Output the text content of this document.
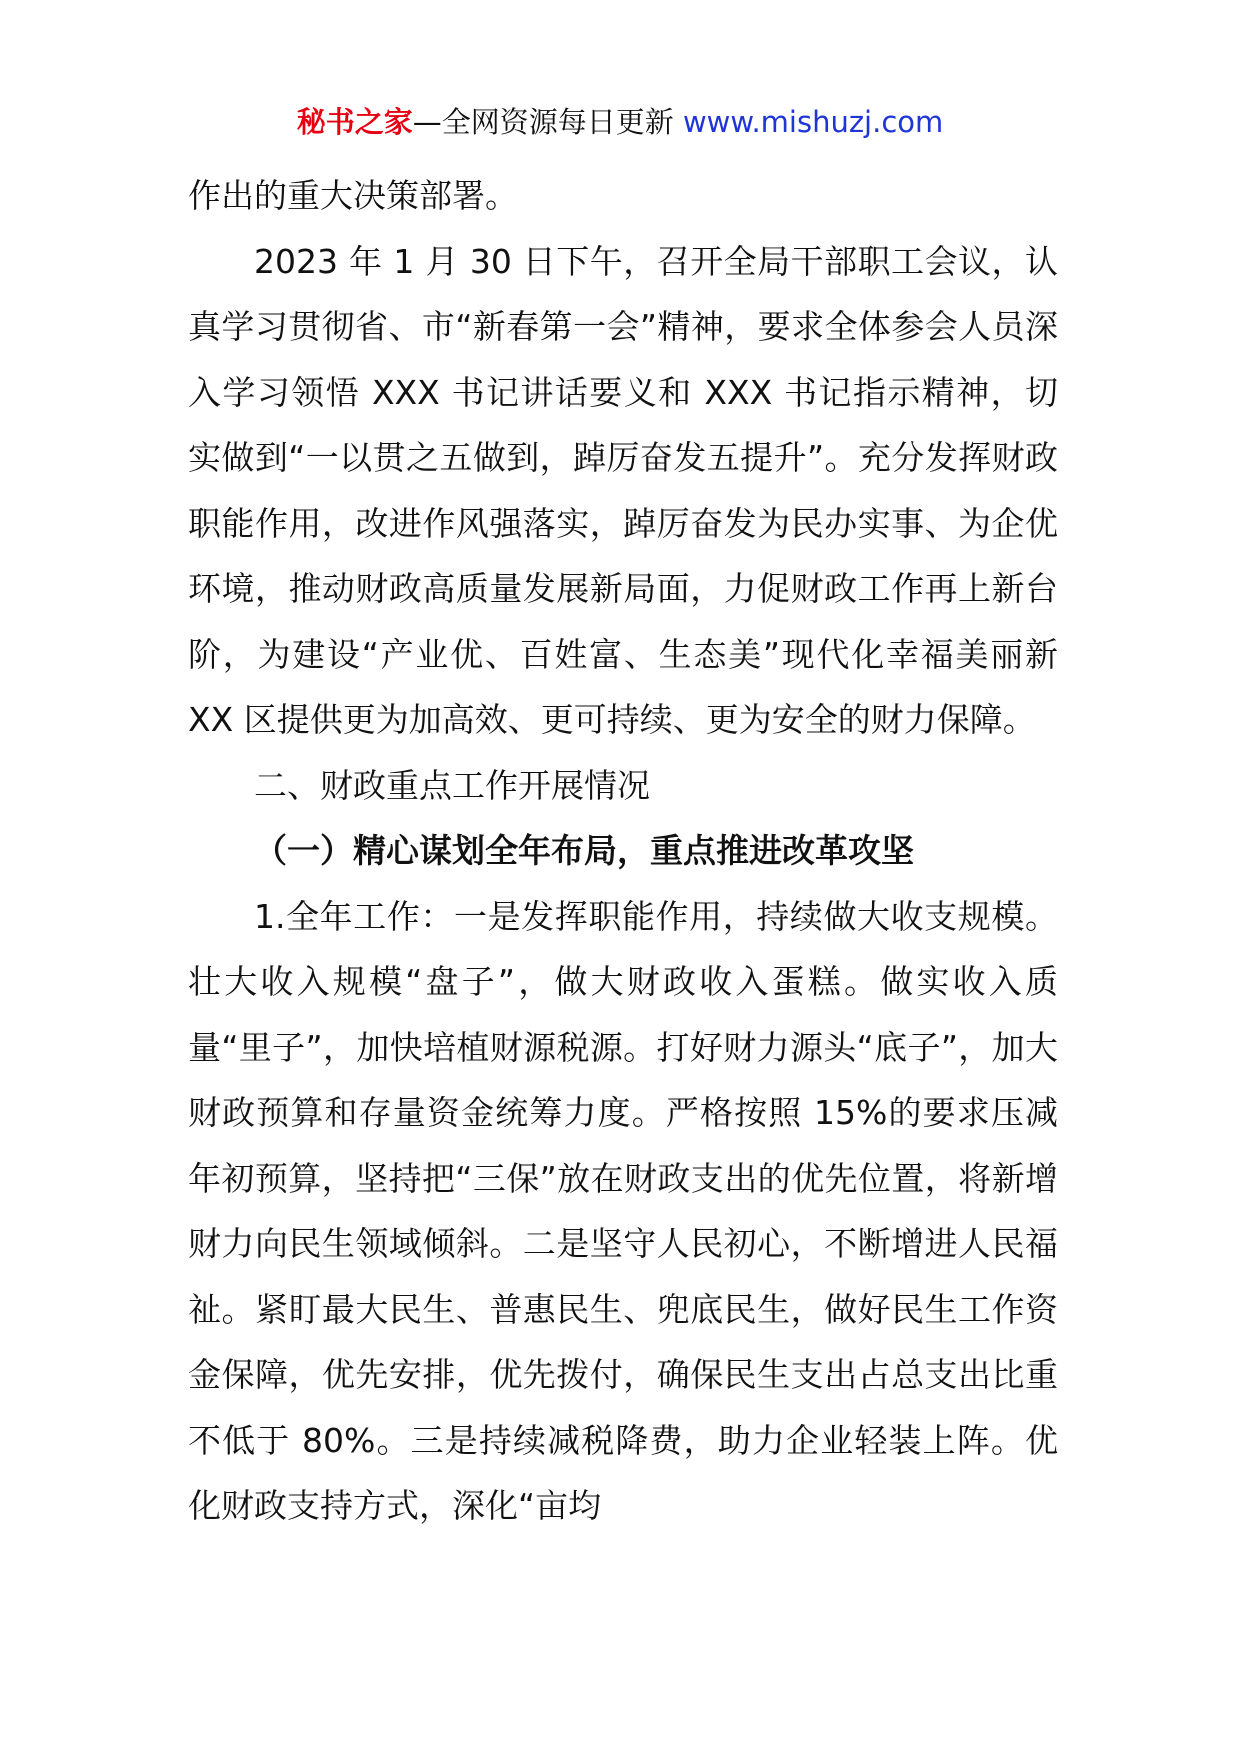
秘书之家—全网资源每日更新 www.mishuzj.com

作出的重大决策部署。

2023 年 1 月 30 日下午，召开全局干部职工会议，认真学习贯彻省、市“新春第一会”精神，要求全体参会人员深入学习领悟 XXX 书记讲话要义和 XXX 书记指示精神，切实做到“一以贯之五做到，踔厉奋发五提升”。充分发挥财政职能作用，改进作风强落实，踔厉奋发为民办实事、为企优环境，推动财政高质量发展新局面，力促财政工作再上新台阶，为建设“产业优、百姓富、生态美”现代化幸福美丽新 XX 区提供更为加高效、更可持续、更为安全的财力保障。

二、财政重点工作开展情况

（一）精心谋划全年布局，重点推进改革攻坚

1.全年工作：一是发挥职能作用，持续做大收支规模。壮大收入规模“盘子”，做大财政收入蛋糕。做实收入质量“里子”，加快培植财源税源。打好财力源头“底子”，加大财政预算和存量资金统筹力度。严格按照 15%的要求压减年初预算，坚持把“三保”放在财政支出的优先位置，将新增财力向民生领域倾斜。二是坚守人民初心，不断增进人民福祉。紧盯最大民生、普惠民生、兜底民生，做好民生工作资金保障，优先安排，优先拨付，确保民生支出占总支出比重不低于 80%。三是持续减税降费，助力企业轻装上阵。优化财政支持方式，深化“亩均
